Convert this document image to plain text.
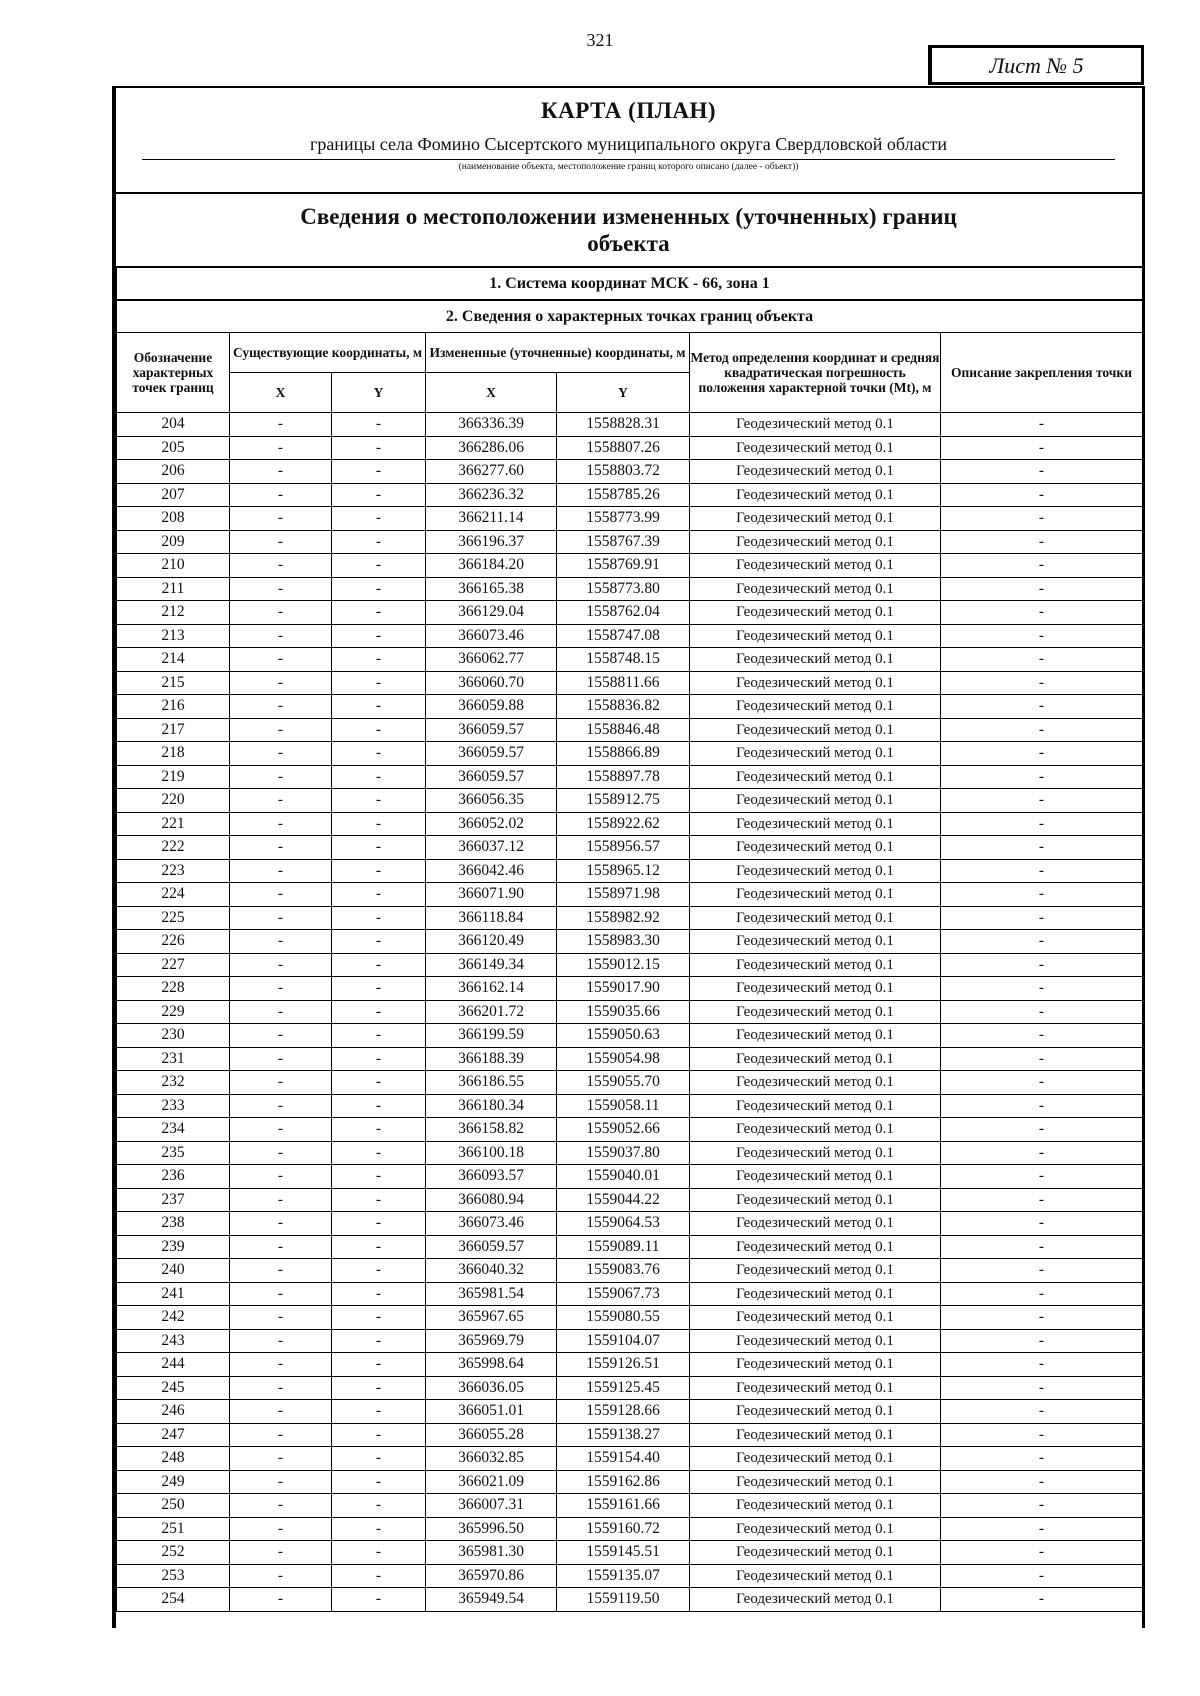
321
Лист № 5
КАРТА (ПЛАН)
границы села Фомино Сысертского муниципального округа Свердловской области
(наименование объекта, местоположение границ которого описано (далее - объект))
Сведения о местоположении измененных (уточненных) границ объекта
1. Система координат МСК - 66, зона 1						
2. Сведения о характерных точках границ объекта						
Обозначение характерных точек границ	Существующие координаты, м		Измененные (уточненные) координаты, м		Метод определения координат и средняя квадратическая погрешность положения характерной точки (Mt), м	Описание закрепления точки
	X	Y	X	Y		
204	-	-	366336.39	1558828.31	Геодезический метод 0.1	-
205	-	-	366286.06	1558807.26	Геодезический метод 0.1	-
206	-	-	366277.60	1558803.72	Геодезический метод 0.1	-
207	-	-	366236.32	1558785.26	Геодезический метод 0.1	-
208	-	-	366211.14	1558773.99	Геодезический метод 0.1	-
209	-	-	366196.37	1558767.39	Геодезический метод 0.1	-
210	-	-	366184.20	1558769.91	Геодезический метод 0.1	-
211	-	-	366165.38	1558773.80	Геодезический метод 0.1	-
212	-	-	366129.04	1558762.04	Геодезический метод 0.1	-
213	-	-	366073.46	1558747.08	Геодезический метод 0.1	-
214	-	-	366062.77	1558748.15	Геодезический метод 0.1	-
215	-	-	366060.70	1558811.66	Геодезический метод 0.1	-
216	-	-	366059.88	1558836.82	Геодезический метод 0.1	-
217	-	-	366059.57	1558846.48	Геодезический метод 0.1	-
218	-	-	366059.57	1558866.89	Геодезический метод 0.1	-
219	-	-	366059.57	1558897.78	Геодезический метод 0.1	-
220	-	-	366056.35	1558912.75	Геодезический метод 0.1	-
221	-	-	366052.02	1558922.62	Геодезический метод 0.1	-
222	-	-	366037.12	1558956.57	Геодезический метод 0.1	-
223	-	-	366042.46	1558965.12	Геодезический метод 0.1	-
224	-	-	366071.90	1558971.98	Геодезический метод 0.1	-
225	-	-	366118.84	1558982.92	Геодезический метод 0.1	-
226	-	-	366120.49	1558983.30	Геодезический метод 0.1	-
227	-	-	366149.34	1559012.15	Геодезический метод 0.1	-
228	-	-	366162.14	1559017.90	Геодезический метод 0.1	-
229	-	-	366201.72	1559035.66	Геодезический метод 0.1	-
230	-	-	366199.59	1559050.63	Геодезический метод 0.1	-
231	-	-	366188.39	1559054.98	Геодезический метод 0.1	-
232	-	-	366186.55	1559055.70	Геодезический метод 0.1	-
233	-	-	366180.34	1559058.11	Геодезический метод 0.1	-
234	-	-	366158.82	1559052.66	Геодезический метод 0.1	-
235	-	-	366100.18	1559037.80	Геодезический метод 0.1	-
236	-	-	366093.57	1559040.01	Геодезический метод 0.1	-
237	-	-	366080.94	1559044.22	Геодезический метод 0.1	-
238	-	-	366073.46	1559064.53	Геодезический метод 0.1	-
239	-	-	366059.57	1559089.11	Геодезический метод 0.1	-
240	-	-	366040.32	1559083.76	Геодезический метод 0.1	-
241	-	-	365981.54	1559067.73	Геодезический метод 0.1	-
242	-	-	365967.65	1559080.55	Геодезический метод 0.1	-
243	-	-	365969.79	1559104.07	Геодезический метод 0.1	-
244	-	-	365998.64	1559126.51	Геодезический метод 0.1	-
245	-	-	366036.05	1559125.45	Геодезический метод 0.1	-
246	-	-	366051.01	1559128.66	Геодезический метод 0.1	-
247	-	-	366055.28	1559138.27	Геодезический метод 0.1	-
248	-	-	366032.85	1559154.40	Геодезический метод 0.1	-
249	-	-	366021.09	1559162.86	Геодезический метод 0.1	-
250	-	-	366007.31	1559161.66	Геодезический метод 0.1	-
251	-	-	365996.50	1559160.72	Геодезический метод 0.1	-
252	-	-	365981.30	1559145.51	Геодезический метод 0.1	-
253	-	-	365970.86	1559135.07	Геодезический метод 0.1	-
254	-	-	365949.54	1559119.50	Геодезический метод 0.1	-
